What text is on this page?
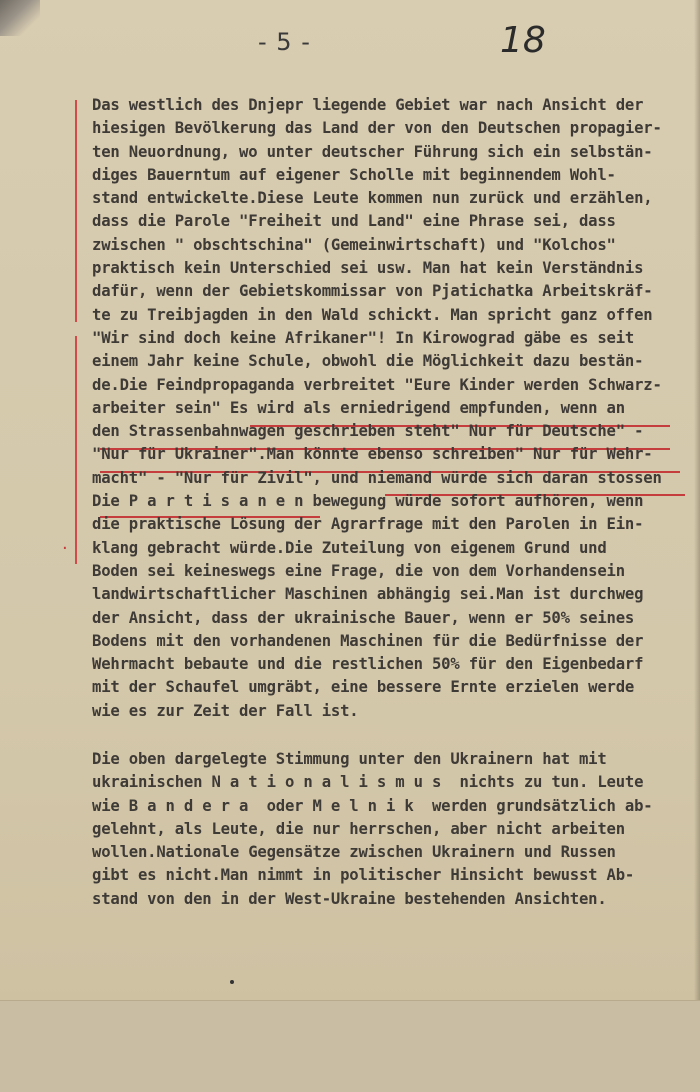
- 5 -	18
·
Das westlich des Dnjepr liegende Gebiet war nach Ansicht der
hiesigen Bevölkerung das Land der von den Deutschen propagier-
ten Neuordnung, wo unter deutscher Führung sich ein selbstän-
diges Bauerntum auf eigener Scholle mit beginnendem Wohl-
stand entwickelte.Diese Leute kommen nun zurück und erzählen,
dass die Parole "Freiheit und Land" eine Phrase sei, dass
zwischen " obschtschina" (Gemeinwirtschaft) und "Kolchos"
praktisch kein Unterschied sei usw. Man hat kein Verständnis
dafür, wenn der Gebietskommissar von Pjatichatka Arbeitskräf-
te zu Treibjagden in den Wald schickt. Man spricht ganz offen
"Wir sind doch keine Afrikaner"! In Kirowograd gäbe es seit
einem Jahr keine Schule, obwohl die Möglichkeit dazu bestän-
de.Die Feindpropaganda verbreitet "Eure Kinder werden Schwarz-
arbeiter sein" Es wird als erniedrigend empfunden, wenn an
den Strassenbahnwagen geschrieben steht" Nur für Deutsche" -
"Nur für Ukrainer".Man könnte ebenso schreiben" Nur für Wehr-
macht" - "Nur für Zivil", und niemand würde sich daran stossen
Die P a r t i s a n e n bewegung würde sofort aufhören, wenn
die praktische Lösung der Agrarfrage mit den Parolen in Ein-
klang gebracht würde.Die Zuteilung von eigenem Grund und
Boden sei keineswegs eine Frage, die von dem Vorhandensein
landwirtschaftlicher Maschinen abhängig sei.Man ist durchweg
der Ansicht, dass der ukrainische Bauer, wenn er 50% seines
Bodens mit den vorhandenen Maschinen für die Bedürfnisse der
Wehrmacht bebaute und die restlichen 50% für den Eigenbedarf
mit der Schaufel umgräbt, eine bessere Ernte erzielen werde
wie es zur Zeit der Fall ist.
Die oben dargelegte Stimmung unter den Ukrainern hat mit
ukrainischen N a t i o n a l i s m u s  nichts zu tun. Leute
wie B a n d e r a  oder M e l n i k  werden grundsätzlich ab-
gelehnt, als Leute, die nur herrschen, aber nicht arbeiten
wollen.Nationale Gegensätze zwischen Ukrainern und Russen
gibt es nicht.Man nimmt in politischer Hinsicht bewusst Ab-
stand von den in der West-Ukraine bestehenden Ansichten.
